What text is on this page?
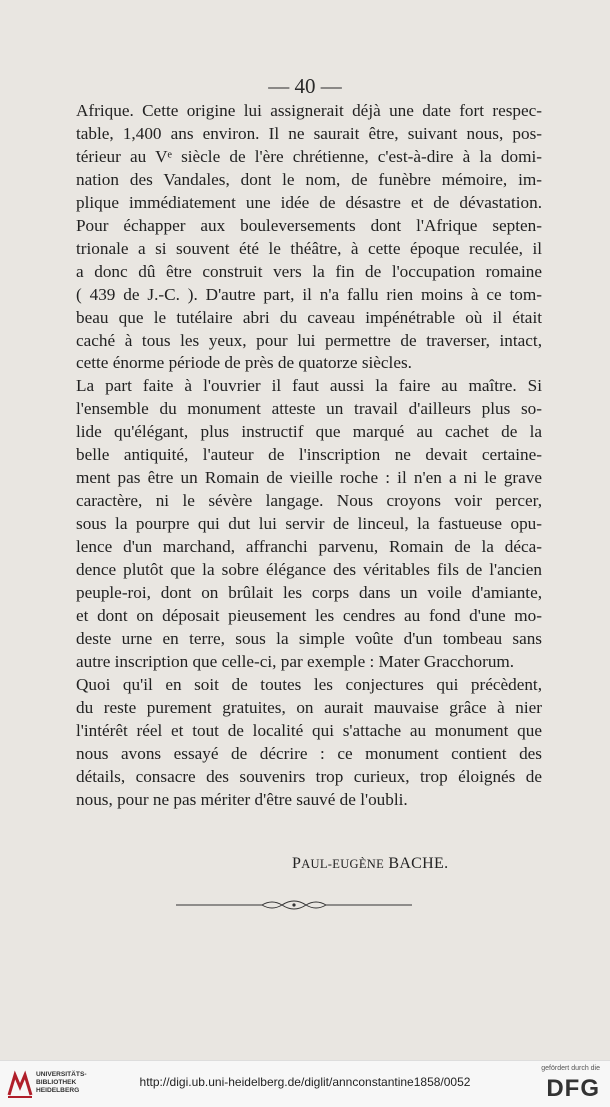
— 40 —
Afrique. Cette origine lui assignerait déjà une date fort respec-
table, 1,400 ans environ. Il ne saurait être, suivant nous, pos-
térieur au Vᵉ siècle de l'ère chrétienne, c'est-à-dire à la domi-
nation des Vandales, dont le nom, de funèbre mémoire, im-
plique immédiatement une idée de désastre et de dévastation.
Pour échapper aux bouleversements dont l'Afrique septen-
trionale a si souvent été le théâtre, à cette époque reculée, il
a donc dû être construit vers la fin de l'occupation romaine
( 439 de J.-C. ). D'autre part, il n'a fallu rien moins à ce tom-
beau que le tutélaire abri du caveau impénétrable où il était
caché à tous les yeux, pour lui permettre de traverser, intact,
cette énorme période de près de quatorze siècles.
La part faite à l'ouvrier il faut aussi la faire au maître. Si
l'ensemble du monument atteste un travail d'ailleurs plus so-
lide qu'élégant, plus instructif que marqué au cachet de la
belle antiquité, l'auteur de l'inscription ne devait certaine-
ment pas être un Romain de vieille roche : il n'en a ni le grave
caractère, ni le sévère langage. Nous croyons voir percer,
sous la pourpre qui dut lui servir de linceul, la fastueuse opu-
lence d'un marchand, affranchi parvenu, Romain de la déca-
dence plutôt que la sobre élégance des véritables fils de l'ancien
peuple-roi, dont on brûlait les corps dans un voile d'amiante,
et dont on déposait pieusement les cendres au fond d'une mo-
deste urne en terre, sous la simple voûte d'un tombeau sans
autre inscription que celle-ci, par exemple : Mater Gracchorum.
Quoi qu'il en soit de toutes les conjectures qui précèdent,
du reste purement gratuites, on aurait mauvaise grâce à nier
l'intérêt réel et tout de localité qui s'attache au monument que
nous avons essayé de décrire : ce monument contient des
détails, consacre des souvenirs trop curieux, trop éloignés de
nous, pour ne pas mériter d'être sauvé de l'oubli.
PAUL-EUGÈNE BACHE.
UNIVERSITÄTS-
BIBLIOTHEK
HEIDELBERG
http://digi.ub.uni-heidelberg.de/diglit/annconstantine1858/0052
gefördert durch die
DFG
